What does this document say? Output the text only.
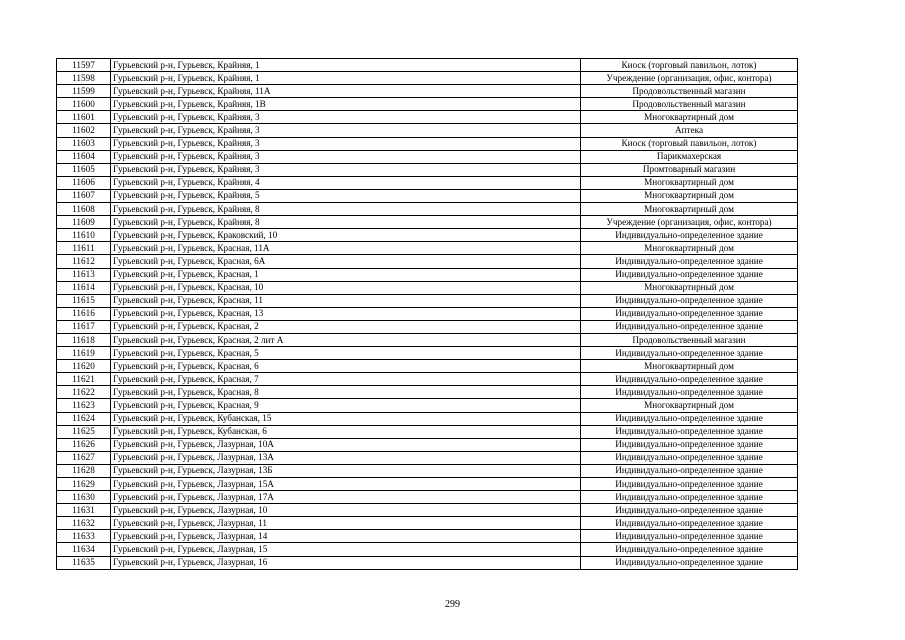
11597	Гурьевский р-н, Гурьевск, Крайняя, 1	Киоск (торговый павильон, лоток)
11598	Гурьевский р-н, Гурьевск, Крайняя, 1	Учреждение (организация, офис, контора)
11599	Гурьевский р-н, Гурьевск, Крайняя, 11А	Продовольственный магазин
11600	Гурьевский р-н, Гурьевск, Крайняя, 1В	Продовольственный магазин
11601	Гурьевский р-н, Гурьевск, Крайняя, 3	Многоквартирный дом
11602	Гурьевский р-н, Гурьевск, Крайняя, 3	Аптека
11603	Гурьевский р-н, Гурьевск, Крайняя, 3	Киоск (торговый павильон, лоток)
11604	Гурьевский р-н, Гурьевск, Крайняя, 3	Парикмахерская
11605	Гурьевский р-н, Гурьевск, Крайняя, 3	Промтоварный магазин
11606	Гурьевский р-н, Гурьевск, Крайняя, 4	Многоквартирный дом
11607	Гурьевский р-н, Гурьевск, Крайняя, 5	Многоквартирный дом
11608	Гурьевский р-н, Гурьевск, Крайняя, 8	Многоквартирный дом
11609	Гурьевский р-н, Гурьевск, Крайняя, 8	Учреждение (организация, офис, контора)
11610	Гурьевский р-н, Гурьевск, Краковский, 10	Индивидуально-определенное здание
11611	Гурьевский р-н, Гурьевск, Красная, 11А	Многоквартирный дом
11612	Гурьевский р-н, Гурьевск, Красная, 6А	Индивидуально-определенное здание
11613	Гурьевский р-н, Гурьевск, Красная, 1	Индивидуально-определенное здание
11614	Гурьевский р-н, Гурьевск, Красная, 10	Многоквартирный дом
11615	Гурьевский р-н, Гурьевск, Красная, 11	Индивидуально-определенное здание
11616	Гурьевский р-н, Гурьевск, Красная, 13	Индивидуально-определенное здание
11617	Гурьевский р-н, Гурьевск, Красная, 2	Индивидуально-определенное здание
11618	Гурьевский р-н, Гурьевск, Красная, 2 лит А	Продовольственный магазин
11619	Гурьевский р-н, Гурьевск, Красная, 5	Индивидуально-определенное здание
11620	Гурьевский р-н, Гурьевск, Красная, 6	Многоквартирный дом
11621	Гурьевский р-н, Гурьевск, Красная, 7	Индивидуально-определенное здание
11622	Гурьевский р-н, Гурьевск, Красная, 8	Индивидуально-определенное здание
11623	Гурьевский р-н, Гурьевск, Красная, 9	Многоквартирный дом
11624	Гурьевский р-н, Гурьевск, Кубанская, 15	Индивидуально-определенное здание
11625	Гурьевский р-н, Гурьевск, Кубанская, 6	Индивидуально-определенное здание
11626	Гурьевский р-н, Гурьевск, Лазурная, 10А	Индивидуально-определенное здание
11627	Гурьевский р-н, Гурьевск, Лазурная, 13А	Индивидуально-определенное здание
11628	Гурьевский р-н, Гурьевск, Лазурная, 13Б	Индивидуально-определенное здание
11629	Гурьевский р-н, Гурьевск, Лазурная, 15А	Индивидуально-определенное здание
11630	Гурьевский р-н, Гурьевск, Лазурная, 17А	Индивидуально-определенное здание
11631	Гурьевский р-н, Гурьевск, Лазурная, 10	Индивидуально-определенное здание
11632	Гурьевский р-н, Гурьевск, Лазурная, 11	Индивидуально-определенное здание
11633	Гурьевский р-н, Гурьевск, Лазурная, 14	Индивидуально-определенное здание
11634	Гурьевский р-н, Гурьевск, Лазурная, 15	Индивидуально-определенное здание
11635	Гурьевский р-н, Гурьевск, Лазурная, 16	Индивидуально-определенное здание
299
